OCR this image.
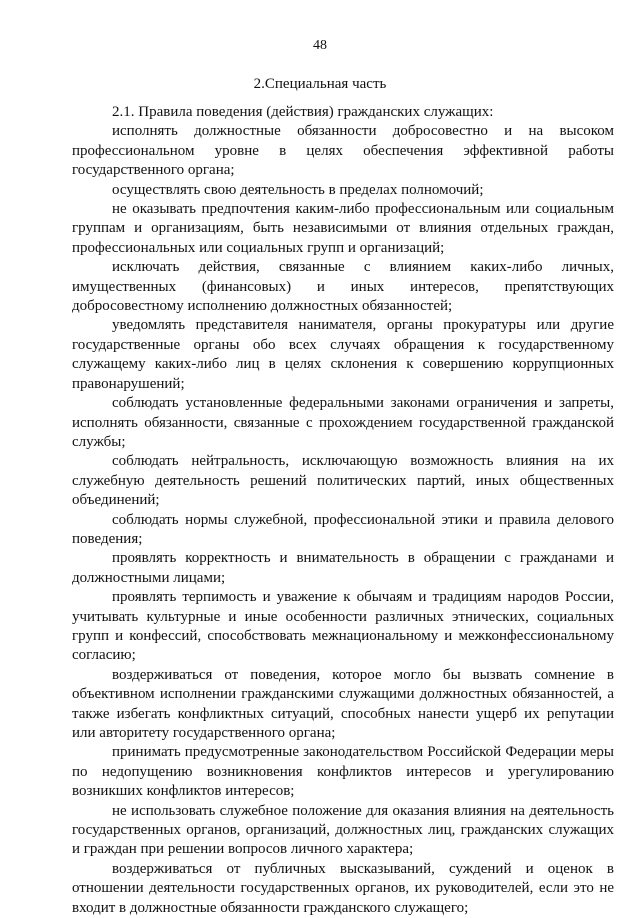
48
2.Специальная часть

2.1. Правила поведения (действия) гражданских служащих:

исполнять должностные обязанности добросовестно и на высоком профессиональном уровне в целях обеспечения эффективной работы государственного органа;

осуществлять свою деятельность в пределах полномочий;

не оказывать предпочтения каким-либо профессиональным или социальным группам и организациям, быть независимыми от влияния отдельных граждан, профессиональных или социальных групп и организаций;

исключать действия, связанные с влиянием каких-либо личных, имущественных (финансовых) и иных интересов, препятствующих добросовестному исполнению должностных обязанностей;

уведомлять представителя нанимателя, органы прокуратуры или другие государственные органы обо всех случаях обращения к государственному служащему каких-либо лиц в целях склонения к совершению коррупционных правонарушений;

соблюдать установленные федеральными законами ограничения и запреты, исполнять обязанности, связанные с прохождением государственной гражданской службы;

соблюдать нейтральность, исключающую возможность влияния на их служебную деятельность решений политических партий, иных общественных объединений;

соблюдать нормы служебной, профессиональной этики и правила делового поведения;

проявлять корректность и внимательность в обращении с гражданами и должностными лицами;

проявлять терпимость и уважение к обычаям и традициям народов России, учитывать культурные и иные особенности различных этнических, социальных групп и конфессий, способствовать межнациональному и межконфессиональному согласию;

воздерживаться от поведения, которое могло бы вызвать сомнение в объективном исполнении гражданскими служащими должностных обязанностей, а также избегать конфликтных ситуаций, способных нанести ущерб их репутации или авторитету государственного органа;

принимать предусмотренные законодательством Российской Федерации меры по недопущению возникновения конфликтов интересов и урегулированию возникших конфликтов интересов;

не использовать служебное положение для оказания влияния на деятельность государственных органов, организаций, должностных лиц, гражданских служащих и граждан при решении вопросов личного характера;

воздерживаться от публичных высказываний, суждений и оценок в отношении деятельности государственных органов, их руководителей, если это не входит в должностные обязанности гражданского служащего;
